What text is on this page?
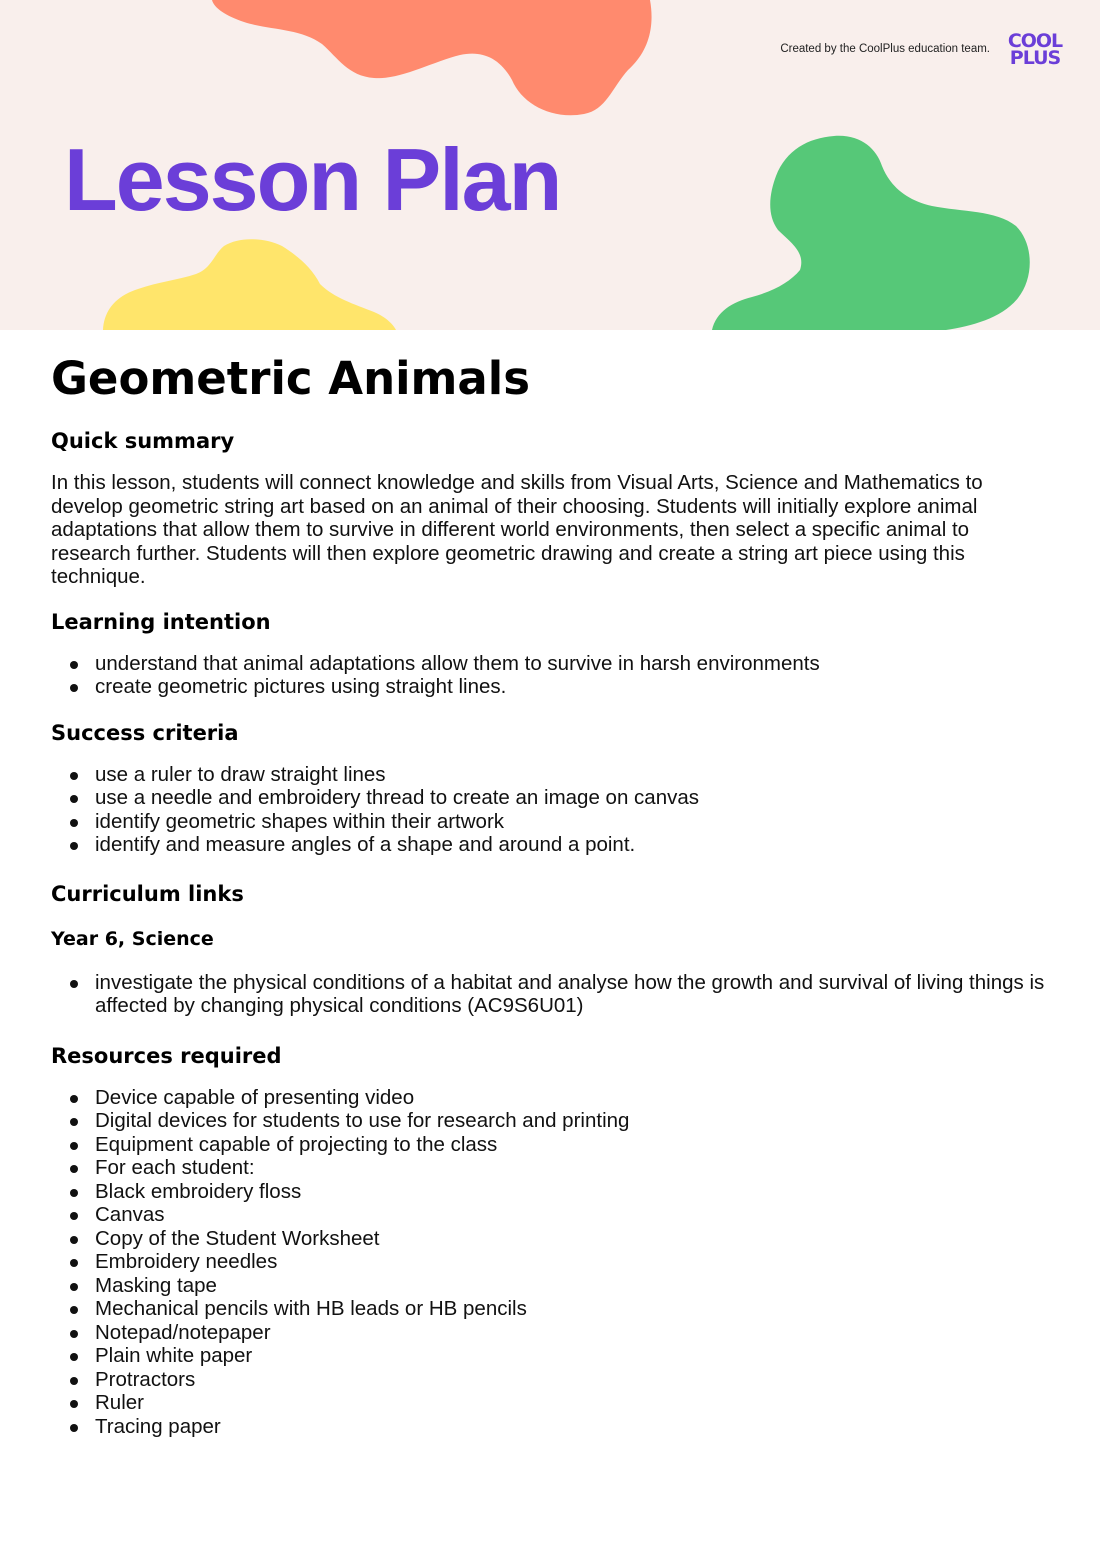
Created by the CoolPlus education team. COOL
PLUS
Lesson Plan
Geometric Animals
Quick summary

In this lesson, students will connect knowledge and skills from Visual Arts, Science and Mathematics to develop geometric string art based on an animal of their choosing. Students will initially explore animal adaptations that allow them to survive in different world environments, then select a specific animal to research further. Students will then explore geometric drawing and create a string art piece using this technique.

Learning intention
understand that animal adaptations allow them to survive in harsh environments
create geometric pictures using straight lines.
Success criteria
use a ruler to draw straight lines
use a needle and embroidery thread to create an image on canvas
identify geometric shapes within their artwork
identify and measure angles of a shape and around a point.
Curriculum links
Year 6, Science
investigate the physical conditions of a habitat and analyse how the growth and survival of living things is affected by changing physical conditions (AC9S6U01)
Resources required
Device capable of presenting video
Digital devices for students to use for research and printing
Equipment capable of projecting to the class
For each student:
Black embroidery floss
Canvas
Copy of the Student Worksheet
Embroidery needles
Masking tape
Mechanical pencils with HB leads or HB pencils
Notepad/notepaper
Plain white paper
Protractors
Ruler
Tracing paper
